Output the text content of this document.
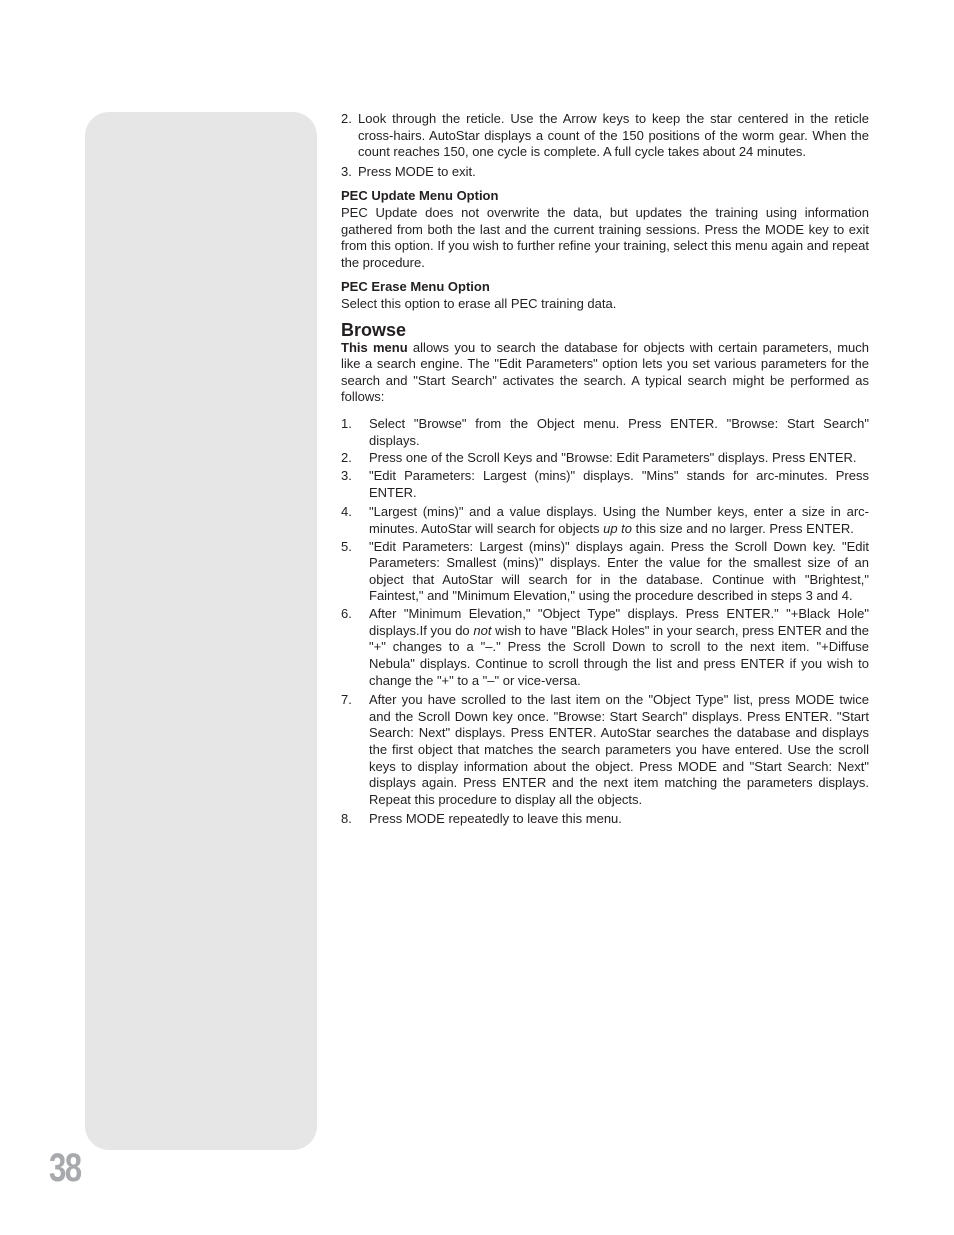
38
2. Look through the reticle. Use the Arrow keys to keep the star centered in the reticle cross-hairs. AutoStar displays a count of the 150 positions of the worm gear. When the count reaches 150, one cycle is complete. A full cycle takes about 24 minutes.
3. Press MODE to exit.

PEC Update Menu Option

PEC Update does not overwrite the data, but updates the training using information gathered from both the last and the current training sessions. Press the MODE key to exit from this option. If you wish to further refine your training, select this menu again and repeat the procedure.

PEC Erase Menu Option

Select this option to erase all PEC training data.

Browse

This menu allows you to search the database for objects with certain parameters, much like a search engine. The "Edit Parameters" option lets you set various parameters for the search and "Start Search" activates the search. A typical search might be performed as follows:

1. Select "Browse" from the Object menu. Press ENTER. "Browse: Start Search" displays.
2. Press one of the Scroll Keys and "Browse: Edit Parameters" displays. Press ENTER.
3. "Edit Parameters: Largest (mins)" displays. "Mins" stands for arc-minutes. Press ENTER.
4. "Largest (mins)" and a value displays. Using the Number keys, enter a size in arc-minutes. AutoStar will search for objects up to this size and no larger. Press ENTER.
5. "Edit Parameters: Largest (mins)" displays again. Press the Scroll Down key. "Edit Parameters: Smallest (mins)" displays. Enter the value for the smallest size of an object that AutoStar will search for in the database. Continue with "Brightest," Faintest," and "Minimum Elevation," using the procedure described in steps 3 and 4.
6. After "Minimum Elevation," "Object Type" displays. Press ENTER." "+Black Hole" displays.If you do not wish to have "Black Holes" in your search, press ENTER and the "+" changes to a "–." Press the Scroll Down to scroll to the next item. "+Diffuse Nebula" displays. Continue to scroll through the list and press ENTER if you wish to change the "+" to a "–" or vice-versa.
7. After you have scrolled to the last item on the "Object Type" list, press MODE twice and the Scroll Down key once. "Browse: Start Search" displays. Press ENTER. "Start Search: Next" displays. Press ENTER. AutoStar searches the database and displays the first object that matches the search parameters you have entered. Use the scroll keys to display information about the object. Press MODE and "Start Search: Next" displays again. Press ENTER and the next item matching the parameters displays. Repeat this procedure to display all the objects.
8. Press MODE repeatedly to leave this menu.
